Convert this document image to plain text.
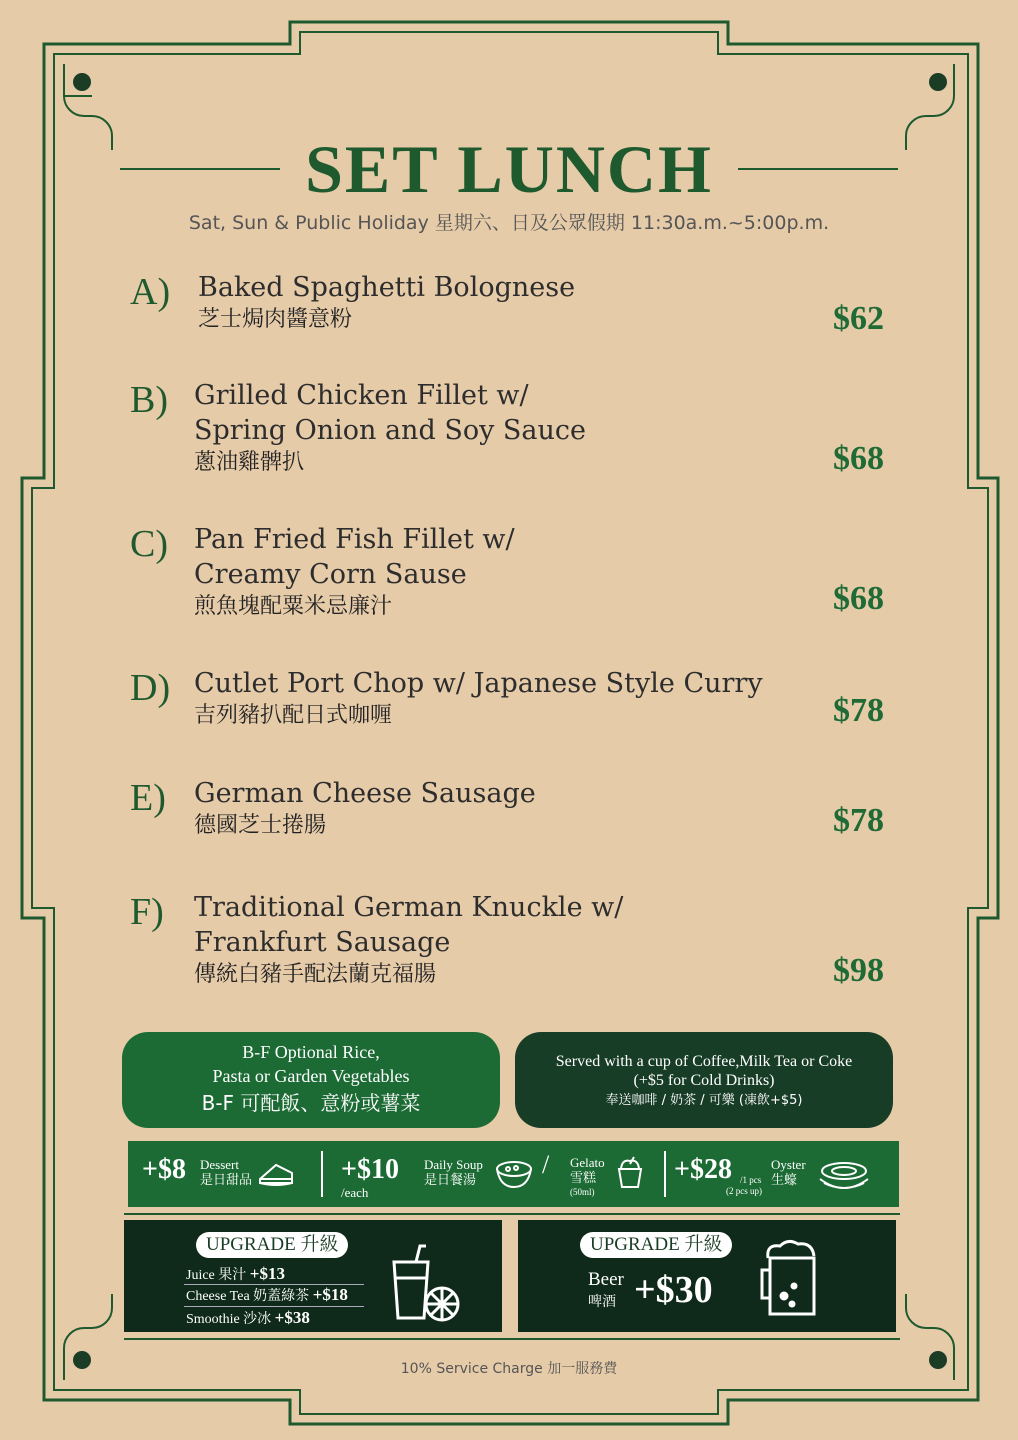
SET LUNCH
Sat, Sun & Public Holiday 星期六、日及公眾假期 11:30a.m.~5:00p.m.
A) Baked Spaghetti Bolognese
芝士焗肉醬意粉	$62
B) Grilled Chicken Fillet w/
Spring Onion and Soy Sauce
蔥油雞髀扒	$68
C) Pan Fried Fish Fillet w/
Creamy Corn Sause
煎魚塊配粟米忌廉汁	$68
D) Cutlet Port Chop w/ Japanese Style Curry
吉列豬扒配日式咖喱	$78
E) German Cheese Sausage
德國芝士捲腸	$78
F) Traditional German Knuckle w/
Frankfurt Sausage
傳統白豬手配法蘭克福腸	$98
B-F Optional Rice,
Pasta or Garden Vegetables
B-F 可配飯、意粉或薯菜
Served with a cup of Coffee,Milk Tea or Coke
(+$5 for Cold Drinks)
奉送咖啡 / 奶茶 / 可樂 (凍飲+$5)
+$8 Dessert
是日甜品	+$10
/each
Daily Soup
是日餐湯
/ Gelato
雪糕
(50ml)
+$28 /1 pcs
(2 pcs up)
Oyster
生蠔
UPGRADE 升級
Juice 果汁 +$13
Cheese Tea 奶蓋綠茶 +$18
Smoothie 沙冰 +$38
UPGRADE 升級
Beer
啤酒 +$30
10% Service Charge 加一服務費
